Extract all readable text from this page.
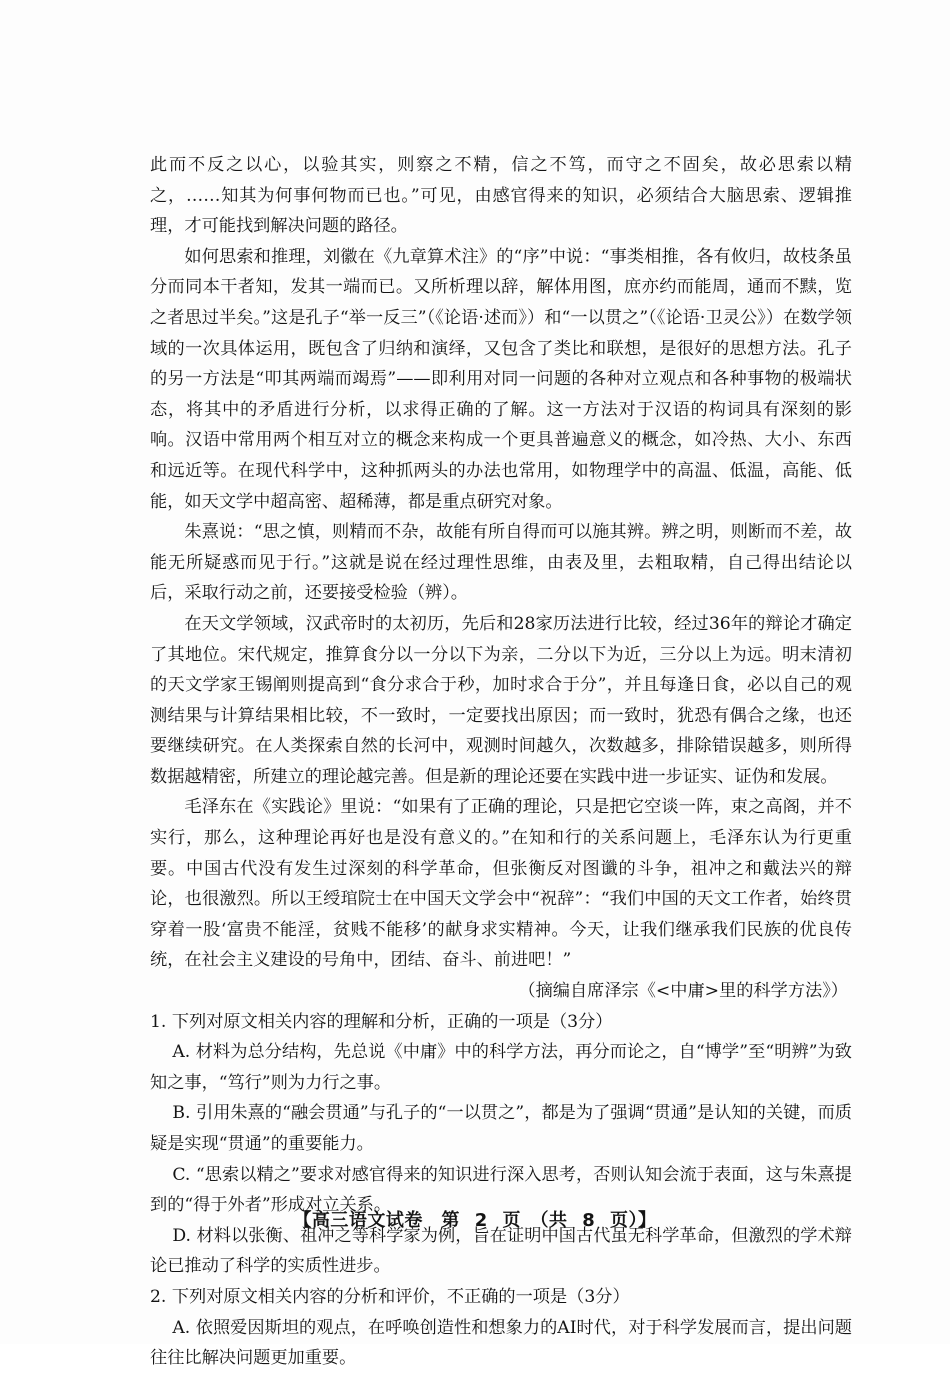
此而不反之以心，以验其实，则察之不精，信之不笃，而守之不固矣，故必思索以精之，……知其为何事何物而已也。”可见，由感官得来的知识，必须结合大脑思索、逻辑推理，才可能找到解决问题的路径。

如何思索和推理，刘徽在《九章算术注》的“序”中说：“事类相推，各有攸归，故枝条虽分而同本干者知，发其一端而已。又所析理以辞，解体用图，庶亦约而能周，通而不黩，览之者思过半矣。”这是孔子“举一反三”（《论语·述而》）和“一以贯之”（《论语·卫灵公》）在数学领域的一次具体运用，既包含了归纳和演绎，又包含了类比和联想，是很好的思想方法。孔子的另一方法是“叩其两端而竭焉”——即利用对同一问题的各种对立观点和各种事物的极端状态，将其中的矛盾进行分析，以求得正确的了解。这一方法对于汉语的构词具有深刻的影响。汉语中常用两个相互对立的概念来构成一个更具普遍意义的概念，如冷热、大小、东西和远近等。在现代科学中，这种抓两头的办法也常用，如物理学中的高温、低温，高能、低能，如天文学中超高密、超稀薄，都是重点研究对象。

朱熹说：“思之慎，则精而不杂，故能有所自得而可以施其辨。辨之明，则断而不差，故能无所疑惑而见于行。”这就是说在经过理性思维，由表及里，去粗取精，自己得出结论以后，采取行动之前，还要接受检验（辨）。

在天文学领域，汉武帝时的太初历，先后和28家历法进行比较，经过36年的辩论才确定了其地位。宋代规定，推算食分以一分以下为亲，二分以下为近，三分以上为远。明末清初的天文学家王锡阐则提高到“食分求合于秒，加时求合于分”，并且每逢日食，必以自己的观测结果与计算结果相比较，不一致时，一定要找出原因；而一致时，犹恐有偶合之缘，也还要继续研究。在人类探索自然的长河中，观测时间越久，次数越多，排除错误越多，则所得数据越精密，所建立的理论越完善。但是新的理论还要在实践中进一步证实、证伪和发展。

毛泽东在《实践论》里说：“如果有了正确的理论，只是把它空谈一阵，束之高阁，并不实行，那么，这种理论再好也是没有意义的。”在知和行的关系问题上，毛泽东认为行更重要。中国古代没有发生过深刻的科学革命，但张衡反对图谶的斗争，祖冲之和戴法兴的辩论，也很激烈。所以王绶琯院士在中国天文学会中“祝辞”：“我们中国的天文工作者，始终贯穿着一股‘富贵不能淫，贫贱不能移’的献身求实精神。今天，让我们继承我们民族的优良传统，在社会主义建设的号角中，团结、奋斗、前进吧！”

（摘编自席泽宗《<中庸>里的科学方法》）

1. 下列对原文相关内容的理解和分析，正确的一项是（3分）

A. 材料为总分结构，先总说《中庸》中的科学方法，再分而论之，自“博学”至“明辨”为致知之事，“笃行”则为力行之事。

B. 引用朱熹的“融会贯通”与孔子的“一以贯之”，都是为了强调“贯通”是认知的关键，而质疑是实现“贯通”的重要能力。

C. “思索以精之”要求对感官得来的知识进行深入思考，否则认知会流于表面，这与朱熹提到的“得于外者”形成对立关系。

D. 材料以张衡、祖冲之等科学家为例，旨在证明中国古代虽无科学革命，但激烈的学术辩论已推动了科学的实质性进步。

2. 下列对原文相关内容的分析和评价，不正确的一项是（3分）

A. 依照爱因斯坦的观点，在呼唤创造性和想象力的AI时代，对于科学发展而言，提出问题往往比解决问题更加重要。

【高三语文试卷　第 2 页　（共 8 页）】
